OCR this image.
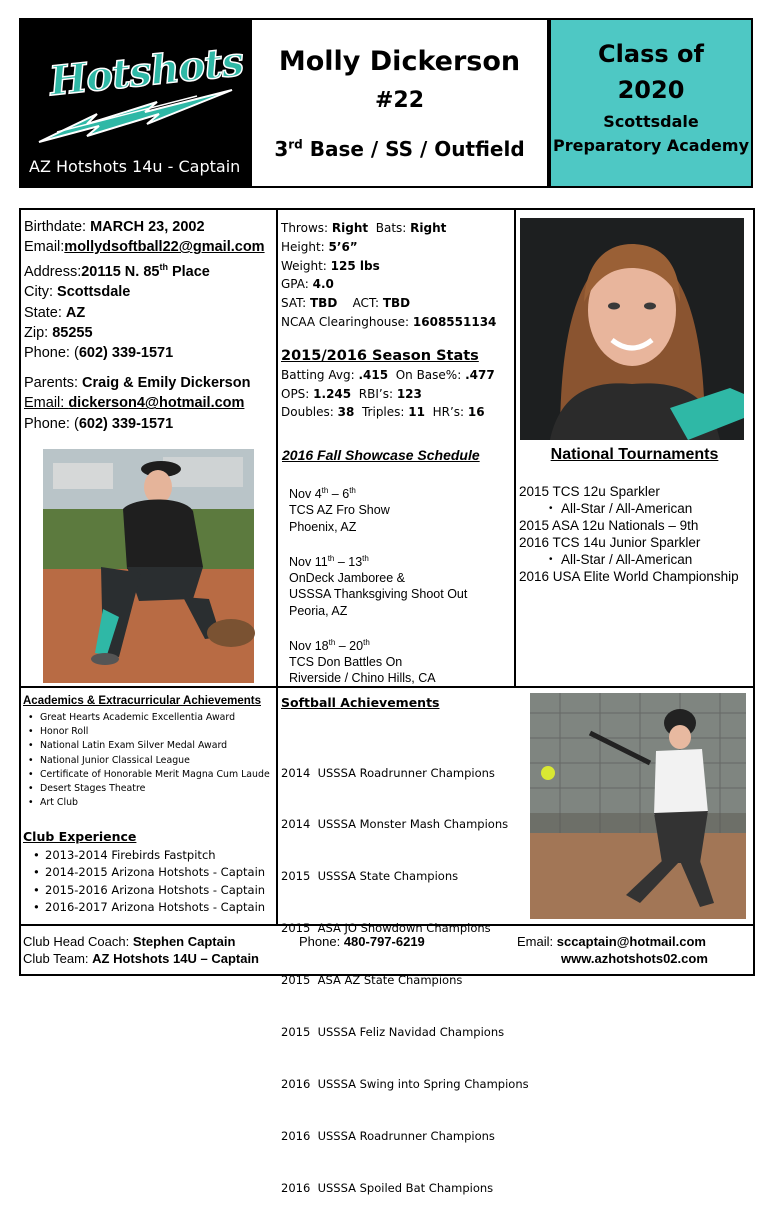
Hotshots
AZ Hotshots 14u - Captain
Molly Dickerson
#22
3rd Base / SS / Outfield
Class of
2020
Scottsdale
Preparatory Academy
Birthdate: MARCH 23, 2002
Email:mollydsoftball22@gmail.com
Address:20115 N. 85th Place
City: Scottsdale
State: AZ
Zip: 85255
Phone: (602) 339-1571
Parents: Craig & Emily Dickerson
Email: dickerson4@hotmail.com
Phone: (602) 339-1571
Throws: Right Bats: Right
Height: 5’6”
Weight: 125 lbs
GPA: 4.0
SAT: TBD ACT: TBD
NCAA Clearinghouse: 1608551134
2015/2016 Season Stats
Batting Avg: .415 On Base%: .477
OPS: 1.245 RBI’s: 123
Doubles: 38 Triples: 11 HR’s: 16
2016 Fall Showcase Schedule
Nov 4th – 6th
TCS AZ Fro Show
Phoenix, AZ
Nov 11th – 13th
OnDeck Jamboree &
USSSA Thanksgiving Shoot Out
Peoria, AZ
Nov 18th – 20th
TCS Don Battles On
Riverside / Chino Hills, CA
National Tournaments
2015 TCS 12u Sparkler
• All-Star / All-American
2015 ASA 12u Nationals – 9th
2016 TCS 14u Junior Sparkler
• All-Star / All-American
2016 USA Elite World Championship
Academics & Extracurricular Achievements
• Great Hearts Academic Excellentia Award
• Honor Roll
• National Latin Exam Silver Medal Award
• National Junior Classical League
• Certificate of Honorable Merit Magna Cum Laude
• Desert Stages Theatre
• Art Club
Club Experience
• 2013-2014 Firebirds Fastpitch
• 2014-2015 Arizona Hotshots - Captain
• 2015-2016 Arizona Hotshots - Captain
• 2016-2017 Arizona Hotshots - Captain
Softball Achievements

2014  USSSA Roadrunner Champions

2014  USSSA Monster Mash Champions

2015  USSSA State Champions

2015  ASA JO Showdown Champions

2015  ASA AZ State Champions

2015  USSSA Feliz Navidad Champions

2016  USSSA Swing into Spring Champions

2016  USSSA Roadrunner Champions

2016  USSSA Spoiled Bat Champions

Club Head Coach: Stephen Captain
Club Team: AZ Hotshots 14U – Captain
Phone: 480-797-6219	Email: sccaptain@hotmail.com
www.azhotshots02.com
